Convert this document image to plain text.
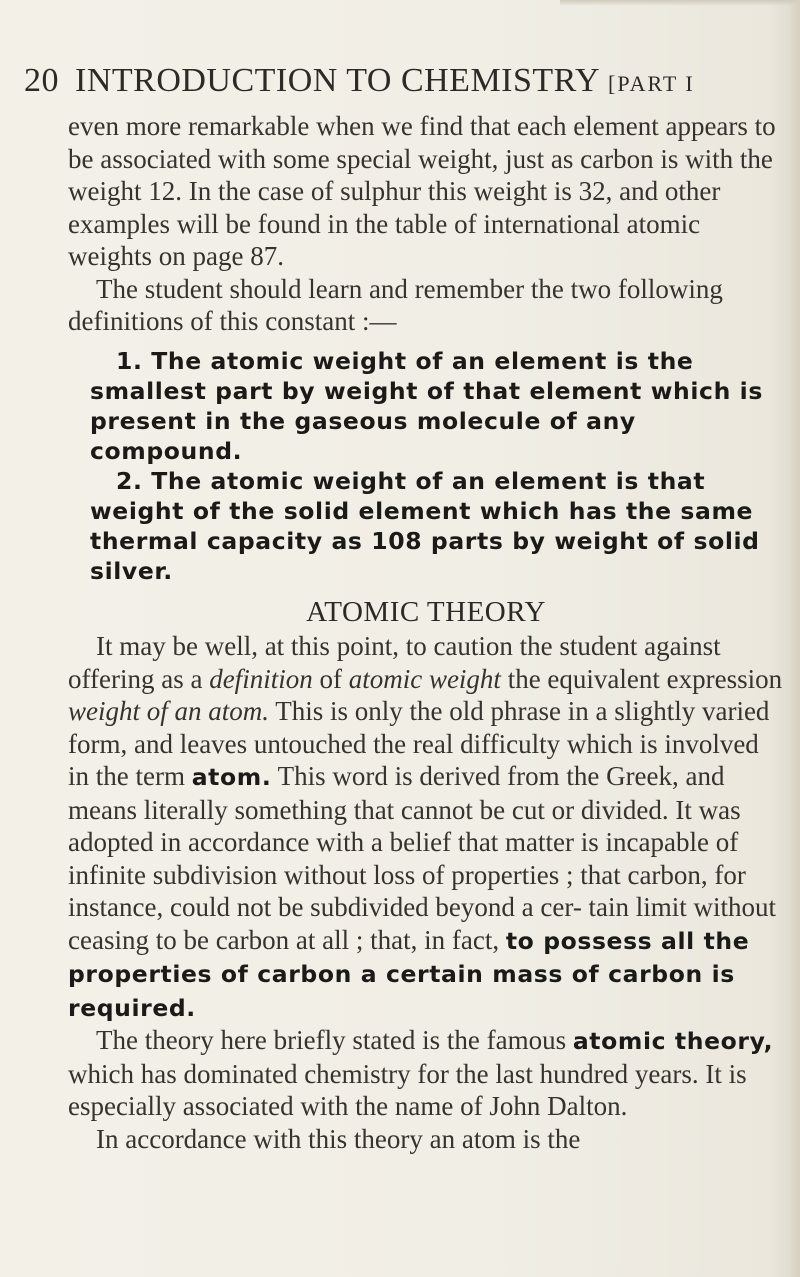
20 INTRODUCTION TO CHEMISTRY [PART I

even more remarkable when we find that each element appears to be associated with some special weight, just as carbon is with the weight 12. In the case of sulphur this weight is 32, and other examples will be found in the table of international atomic weights on page 87.

The student should learn and remember the two following definitions of this constant :—

1. The atomic weight of an element is the smallest part by weight of that element which is present in the gaseous molecule of any compound.

2. The atomic weight of an element is that weight of the solid element which has the same thermal capacity as 108 parts by weight of solid silver.

ATOMIC THEORY

It may be well, at this point, to caution the student against offering as a definition of atomic weight the equivalent expression weight of an atom. This is only the old phrase in a slightly varied form, and leaves untouched the real difficulty which is involved in the term atom. This word is derived from the Greek, and means literally something that cannot be cut or divided. It was adopted in accordance with a belief that matter is incapable of infinite subdivision without loss of properties ; that carbon, for instance, could not be subdivided beyond a cer- tain limit without ceasing to be carbon at all ; that, in fact, to possess all the properties of carbon a certain mass of carbon is required.

The theory here briefly stated is the famous atomic theory, which has dominated chemistry for the last hundred years. It is especially associated with the name of John Dalton.

In accordance with this theory an atom is the
